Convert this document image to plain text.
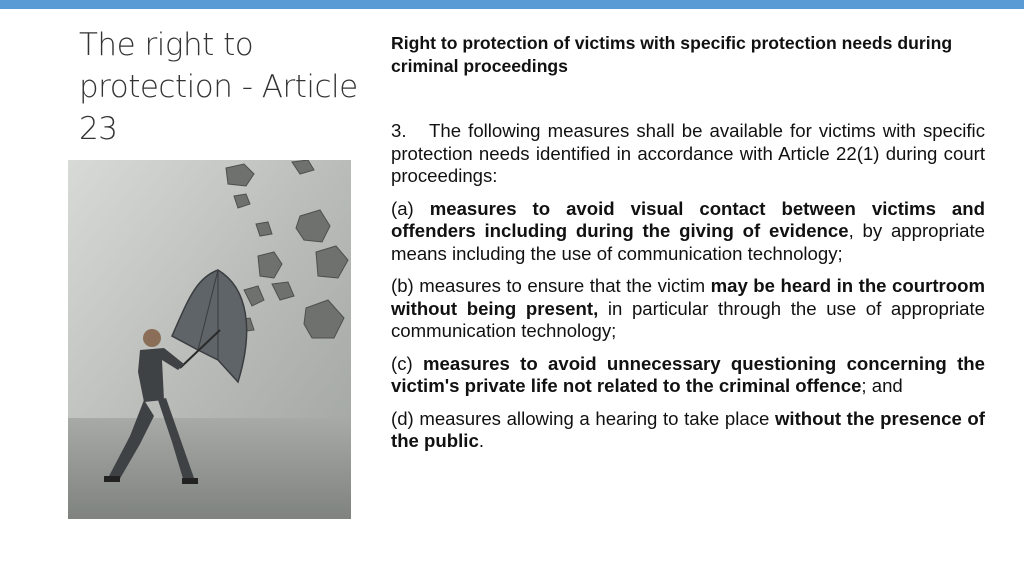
The right to protection - Article 23

Right to protection of victims with specific protection needs during criminal proceedings

3. The following measures shall be available for victims with specific protection needs identified in accordance with Article 22(1) during court proceedings:

(a) measures to avoid visual contact between victims and offenders including during the giving of evidence, by appropriate means including the use of communication technology;

(b) measures to ensure that the victim may be heard in the courtroom without being present, in particular through the use of appropriate communication technology;

(c) measures to avoid unnecessary questioning concerning the victim's private life not related to the criminal offence; and

(d) measures allowing a hearing to take place without the presence of the public.
